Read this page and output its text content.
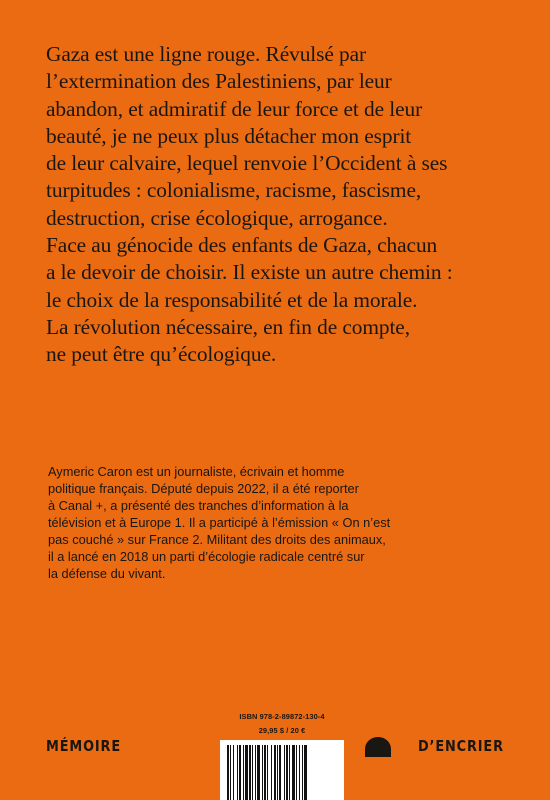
Gaza est une ligne rouge. Révulsé par
l’extermination des Palestiniens, par leur
abandon, et admiratif de leur force et de leur
beauté, je ne peux plus détacher mon esprit
de leur calvaire, lequel renvoie l’Occident à ses
turpitudes : colonialisme, racisme, fascisme,
destruction, crise écologique, arrogance.
Face au génocide des enfants de Gaza, chacun
a le devoir de choisir. Il existe un autre chemin :
le choix de la responsabilité et de la morale.
La révolution nécessaire, en fin de compte,
ne peut être qu’écologique.
Aymeric Caron est un journaliste, écrivain et homme
politique français. Député depuis 2022, il a été reporter
à Canal +, a présenté des tranches d’information à la
télévision et à Europe 1. Il a participé à l’émission « On n’est
pas couché » sur France 2. Militant des droits des animaux,
il a lancé en 2018 un parti d’écologie radicale centré sur
la défense du vivant.
ISBN 978-2-89872-130-4
29,95 $ / 20 €
MÉMOIRE	D’ENCRIER
